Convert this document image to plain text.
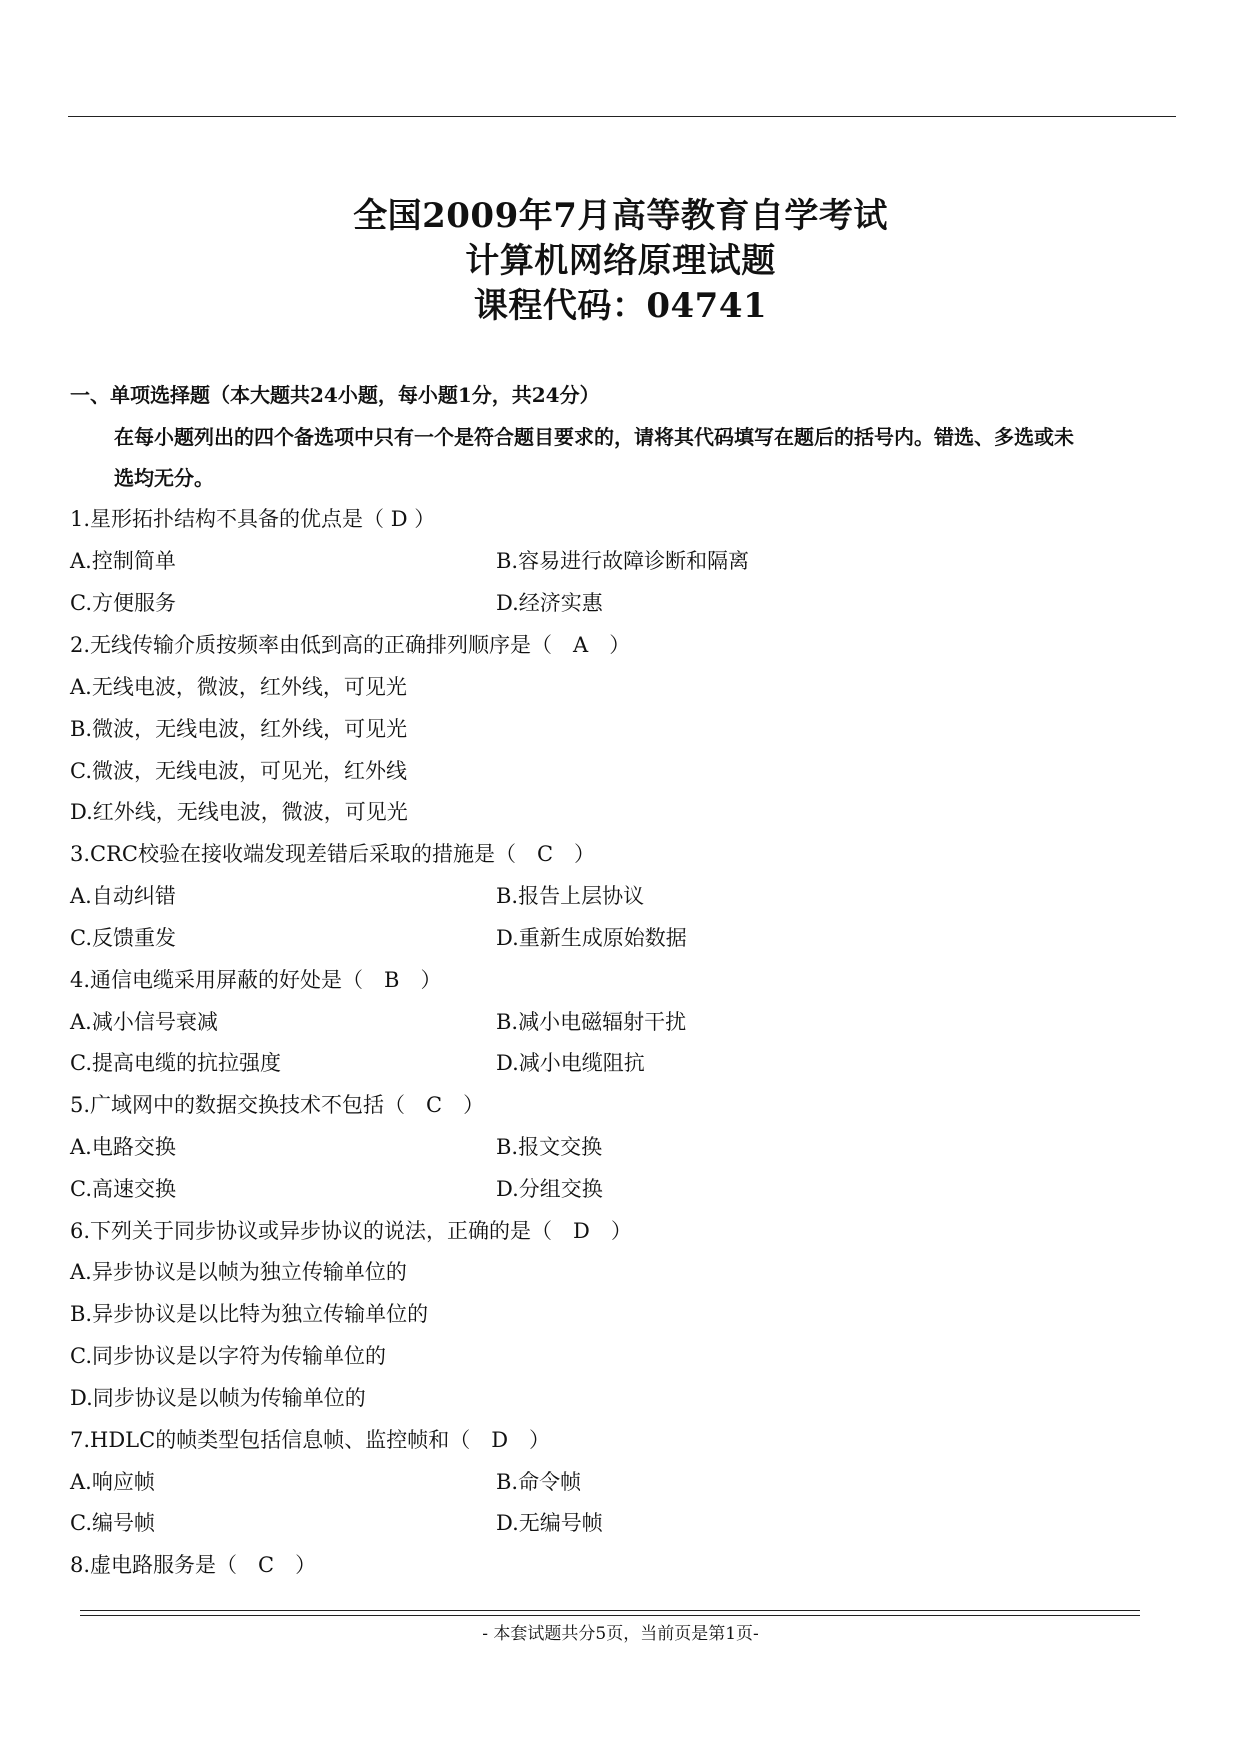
全国2009年7月高等教育自学考试
计算机网络原理试题
课程代码：04741
一、单项选择题（本大题共24小题，每小题1分，共24分）
在每小题列出的四个备选项中只有一个是符合题目要求的，请将其代码填写在题后的括号内。错选、多选或未
选均无分。
1.星形拓扑结构不具备的优点是（ D ）
A.控制简单	B.容易进行故障诊断和隔离
C.方便服务	D.经济实惠
2.无线传输介质按频率由低到高的正确排列顺序是（　A　）
A.无线电波，微波，红外线，可见光
B.微波，无线电波，红外线，可见光
C.微波，无线电波，可见光，红外线
D.红外线，无线电波，微波，可见光
3.CRC校验在接收端发现差错后采取的措施是（　C　）
A.自动纠错	B.报告上层协议
C.反馈重发	D.重新生成原始数据
4.通信电缆采用屏蔽的好处是（　B　）
A.减小信号衰减	B.减小电磁辐射干扰
C.提高电缆的抗拉强度	D.减小电缆阻抗
5.广域网中的数据交换技术不包括（　C　）
A.电路交换	B.报文交换
C.高速交换	D.分组交换
6.下列关于同步协议或异步协议的说法，正确的是（　D　）
A.异步协议是以帧为独立传输单位的
B.异步协议是以比特为独立传输单位的
C.同步协议是以字符为传输单位的
D.同步协议是以帧为传输单位的
7.HDLC的帧类型包括信息帧、监控帧和（　D　）
A.响应帧	B.命令帧
C.编号帧	D.无编号帧
8.虚电路服务是（　C　）
- 本套试题共分5页，当前页是第1页-
